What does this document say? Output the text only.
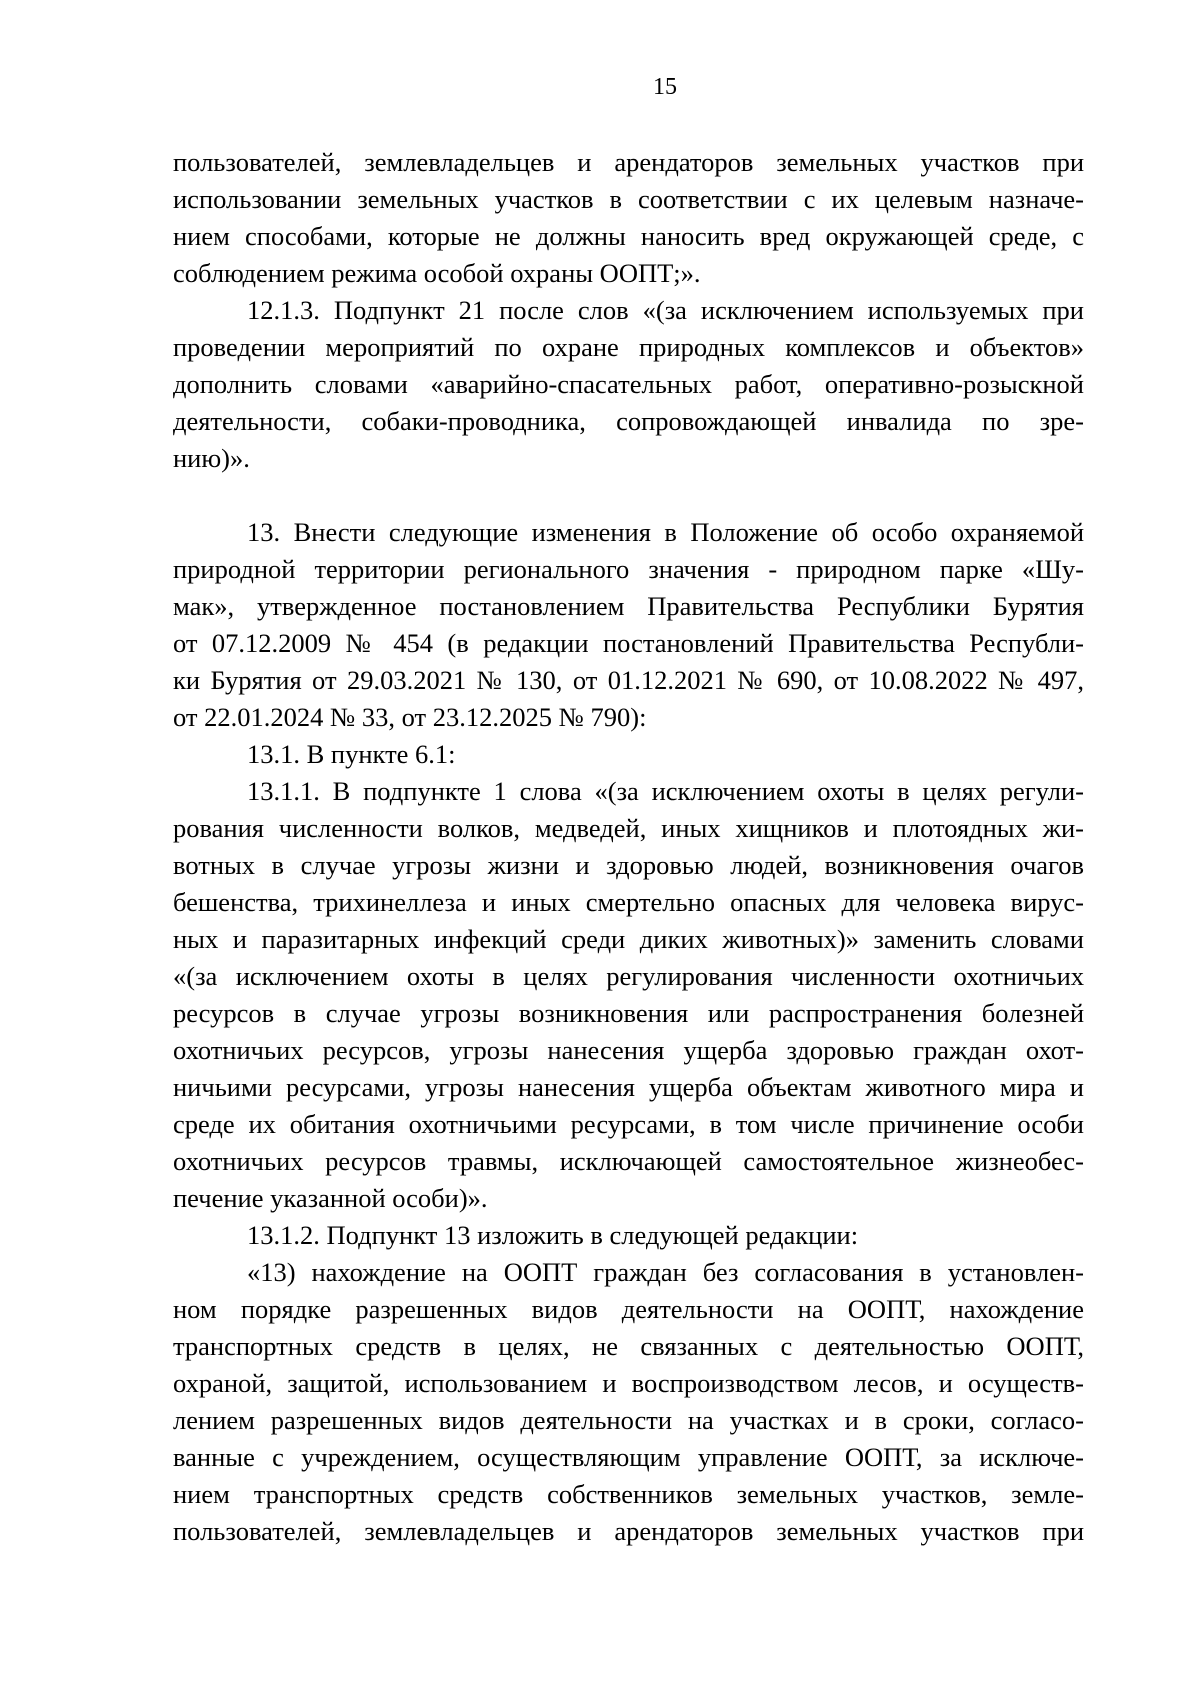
15
пользователей, землевладельцев и арендаторов земельных участков при
использовании земельных участков в соответствии с их целевым назначе-
нием способами, которые не должны наносить вред окружающей среде, с
соблюдением режима особой охраны ООПТ;».
12.1.3. Подпункт 21 после слов «(за исключением используемых при
проведении мероприятий по охране природных комплексов и объектов»
дополнить словами «аварийно-спасательных работ, оперативно-розыскной
деятельности, собаки-проводника, сопровождающей инвалида по зре-
нию)».
13. Внести следующие изменения в Положение об особо охраняемой
природной территории регионального значения - природном парке «Шу-
мак», утвержденное постановлением Правительства Республики Бурятия
от 07.12.2009 № 454 (в редакции постановлений Правительства Республи-
ки Бурятия от 29.03.2021 № 130, от 01.12.2021 № 690, от 10.08.2022 № 497,
от 22.01.2024 № 33, от 23.12.2025 № 790):
13.1. В пункте 6.1:
13.1.1. В подпункте 1 слова «(за исключением охоты в целях регули-
рования численности волков, медведей, иных хищников и плотоядных жи-
вотных в случае угрозы жизни и здоровью людей, возникновения очагов
бешенства, трихинеллеза и иных смертельно опасных для человека вирус-
ных и паразитарных инфекций среди диких животных)» заменить словами
«(за исключением охоты в целях регулирования численности охотничьих
ресурсов в случае угрозы возникновения или распространения болезней
охотничьих ресурсов, угрозы нанесения ущерба здоровью граждан охот-
ничьими ресурсами, угрозы нанесения ущерба объектам животного мира и
среде их обитания охотничьими ресурсами, в том числе причинение особи
охотничьих ресурсов травмы, исключающей самостоятельное жизнеобес-
печение указанной особи)».
13.1.2. Подпункт 13 изложить в следующей редакции:
«13) нахождение на ООПТ граждан без согласования в установлен-
ном порядке разрешенных видов деятельности на ООПТ, нахождение
транспортных средств в целях, не связанных с деятельностью ООПТ,
охраной, защитой, использованием и воспроизводством лесов, и осуществ-
лением разрешенных видов деятельности на участках и в сроки, согласо-
ванные с учреждением, осуществляющим управление ООПТ, за исключе-
нием транспортных средств собственников земельных участков, земле-
пользователей, землевладельцев и арендаторов земельных участков при
